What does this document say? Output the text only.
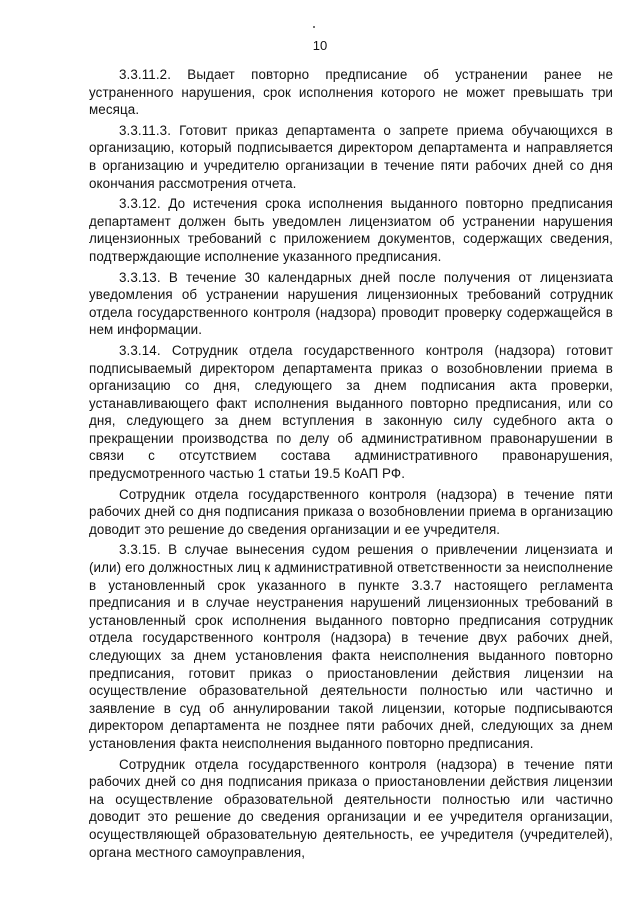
10

3.3.11.2. Выдает повторно предписание об устранении ранее не устраненного нарушения, срок исполнения которого не может превышать три месяца.

3.3.11.3. Готовит приказ департамента о запрете приема обучающихся в организацию, который подписывается директором департамента и направляется в организацию и учредителю организации в течение пяти рабочих дней со дня окончания рассмотрения отчета.

3.3.12. До истечения срока исполнения выданного повторно предписания департамент должен быть уведомлен лицензиатом об устранении нарушения лицензионных требований с приложением документов, содержащих сведения, подтверждающие исполнение указанного предписания.

3.3.13. В течение 30 календарных дней после получения от лицензиата уведомления об устранении нарушения лицензионных требований сотрудник отдела государственного контроля (надзора) проводит проверку содержащейся в нем информации.

3.3.14. Сотрудник отдела государственного контроля (надзора) готовит подписываемый директором департамента приказ о возобновлении приема в организацию со дня, следующего за днем подписания акта проверки, устанавливающего факт исполнения выданного повторно предписания, или со дня, следующего за днем вступления в законную силу судебного акта о прекращении производства по делу об административном правонарушении в связи с отсутствием состава административного правонарушения, предусмотренного частью 1 статьи 19.5 КоАП РФ.

Сотрудник отдела государственного контроля (надзора) в течение пяти рабочих дней со дня подписания приказа о возобновлении приема в организацию доводит это решение до сведения организации и ее учредителя.

3.3.15. В случае вынесения судом решения о привлечении лицензиата и (или) его должностных лиц к административной ответственности за неисполнение в установленный срок указанного в пункте 3.3.7 настоящего регламента предписания и в случае неустранения нарушений лицензионных требований в установленный срок исполнения выданного повторно предписания сотрудник отдела государственного контроля (надзора) в течение двух рабочих дней, следующих за днем установления факта неисполнения выданного повторно предписания, готовит приказ о приостановлении действия лицензии на осуществление образовательной деятельности полностью или частично и заявление в суд об аннулировании такой лицензии, которые подписываются директором департамента не позднее пяти рабочих дней, следующих за днем установления факта неисполнения выданного повторно предписания.

Сотрудник отдела государственного контроля (надзора) в течение пяти рабочих дней со дня подписания приказа о приостановлении действия лицензии на осуществление образовательной деятельности полностью или частично доводит это решение до сведения организации и ее учредителя организации, осуществляющей образовательную деятельность, ее учредителя (учредителей), органа местного самоуправления,
